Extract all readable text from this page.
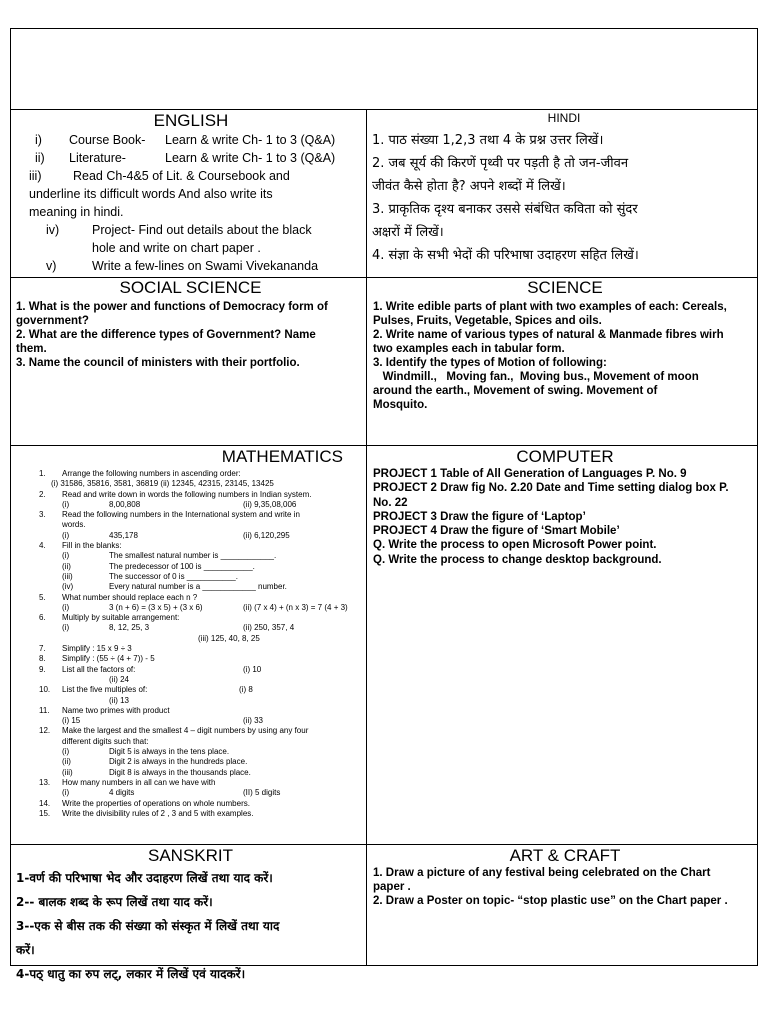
ENGLISH

i) Course Book- Learn & write Ch- 1 to 3 (Q&A)

ii) Literature-	Learn & write Ch- 1 to 3 (Q&A)

iii)	Read Ch-4&5 of Lit. & Coursebook and

underline its difficult words And also write its

meaning in hindi.

iv)	Project- Find out details about the black

hole and write on chart paper .

v)	Write a few-lines on Swami Vivekananda

HINDI

1. पाठ संख्या 1,2,3 तथा 4 के प्रश्न उत्तर लिखें।

2. जब सूर्य की किरणें पृथ्वी पर पड़ती है तो जन-जीवन

जीवंत कैसे होता है? अपने शब्दों में लिखें।

3. प्राकृतिक दृश्य बनाकर उससे संबंधित कविता को सुंदर

अक्षरों में लिखें।

4. संज्ञा के सभी भेदों की परिभाषा उदाहरण सहित लिखें।

SOCIAL SCIENCE

1. What is the power and functions of Democracy form of

government?

2. What are the difference types of Government? Name

them.

3. Name the council of ministers with their portfolio.

SCIENCE

1. Write edible parts of plant with two examples of each: Cereals,

Pulses, Fruits, Vegetable, Spices and oils.

2. Write name of various types of natural & Manmade fibres wirh

two examples each in tabular form.

3. Identify the types of Motion of following:

Windmill.,   Moving fan.,  Moving bus., Movement of moon

around the earth., Movement of swing. Movement of

Mosquito.

MATHEMATICS
1. Arrange the following numbers in ascending order:
(i) 31586, 35816, 3581, 36819 (ii) 12345, 42315, 23145, 13425
2. Read and write down in words the following numbers in Indian system.
(i)	8,00,808	(ii) 9,35,08,006
3. Read the following numbers in the International system and write in
words.
(i)	435,178	(ii) 6,120,295
4. Fill in the blanks:
(i)	The smallest natural number is ____________.
(ii)	The predecessor of 100 is ___________.
(iii)	The successor of 0 is ___________.
(iv)	Every natural number is a ____________ number.
5. What number should replace each n ?
(i)	3 (n + 6) = (3 x 5) + (3 x 6)	(ii) (7 x 4) + (n x 3) = 7 (4 + 3)
6. Multiply by suitable arrangement:
(i)	8, 12, 25, 3	(ii) 250, 357, 4
(iii) 125, 40, 8, 25
7. Simplify : 15 x 9 ÷ 3
8. Simplify : (55 ÷ (4 + 7)) - 5
9. List all the factors of:	(i) 10
(ii) 24
10. List the five multiples of:	(i) 8
(ii) 13
11. Name two primes with product
(i) 15	(ii) 33
12. Make the largest and the smallest 4 – digit numbers by using any four
different digits such that:
(i)	Digit 5 is always in the tens place.
(ii)	Digit 2 is always in the hundreds place.
(iii)	Digit 8 is always in the thousands place.
13. How many numbers in all can we have with
(i)	4 digits	(II) 5 digits
14. Write the properties of operations on whole numbers.
15. Write the divisibility rules of 2 , 3 and 5 with examples.
COMPUTER

PROJECT 1 Table of All Generation of Languages P. No. 9

PROJECT 2 Draw fig No. 2.20 Date and Time setting dialog box P.

No. 22

PROJECT 3 Draw the figure of ‘Laptop’

PROJECT 4 Draw the figure of ‘Smart Mobile’

Q. Write the process to open Microsoft Power point.

Q. Write the process to change desktop background.

SANSKRIT

1-वर्ण की परिभाषा भेद और उदाहरण लिखें तथा याद करें।

2-- बालक शब्द के रूप लिखें तथा याद करें।

3--एक से बीस तक की संख्या को संस्कृत में लिखें तथा याद

करें।

4-पठ् धातु का रुप लट्, लकार में लिखें एवं यादकरें।

ART & CRAFT

1. Draw a picture of any festival being celebrated on the Chart

paper .

2. Draw a Poster on topic- “stop plastic use” on the Chart paper .
